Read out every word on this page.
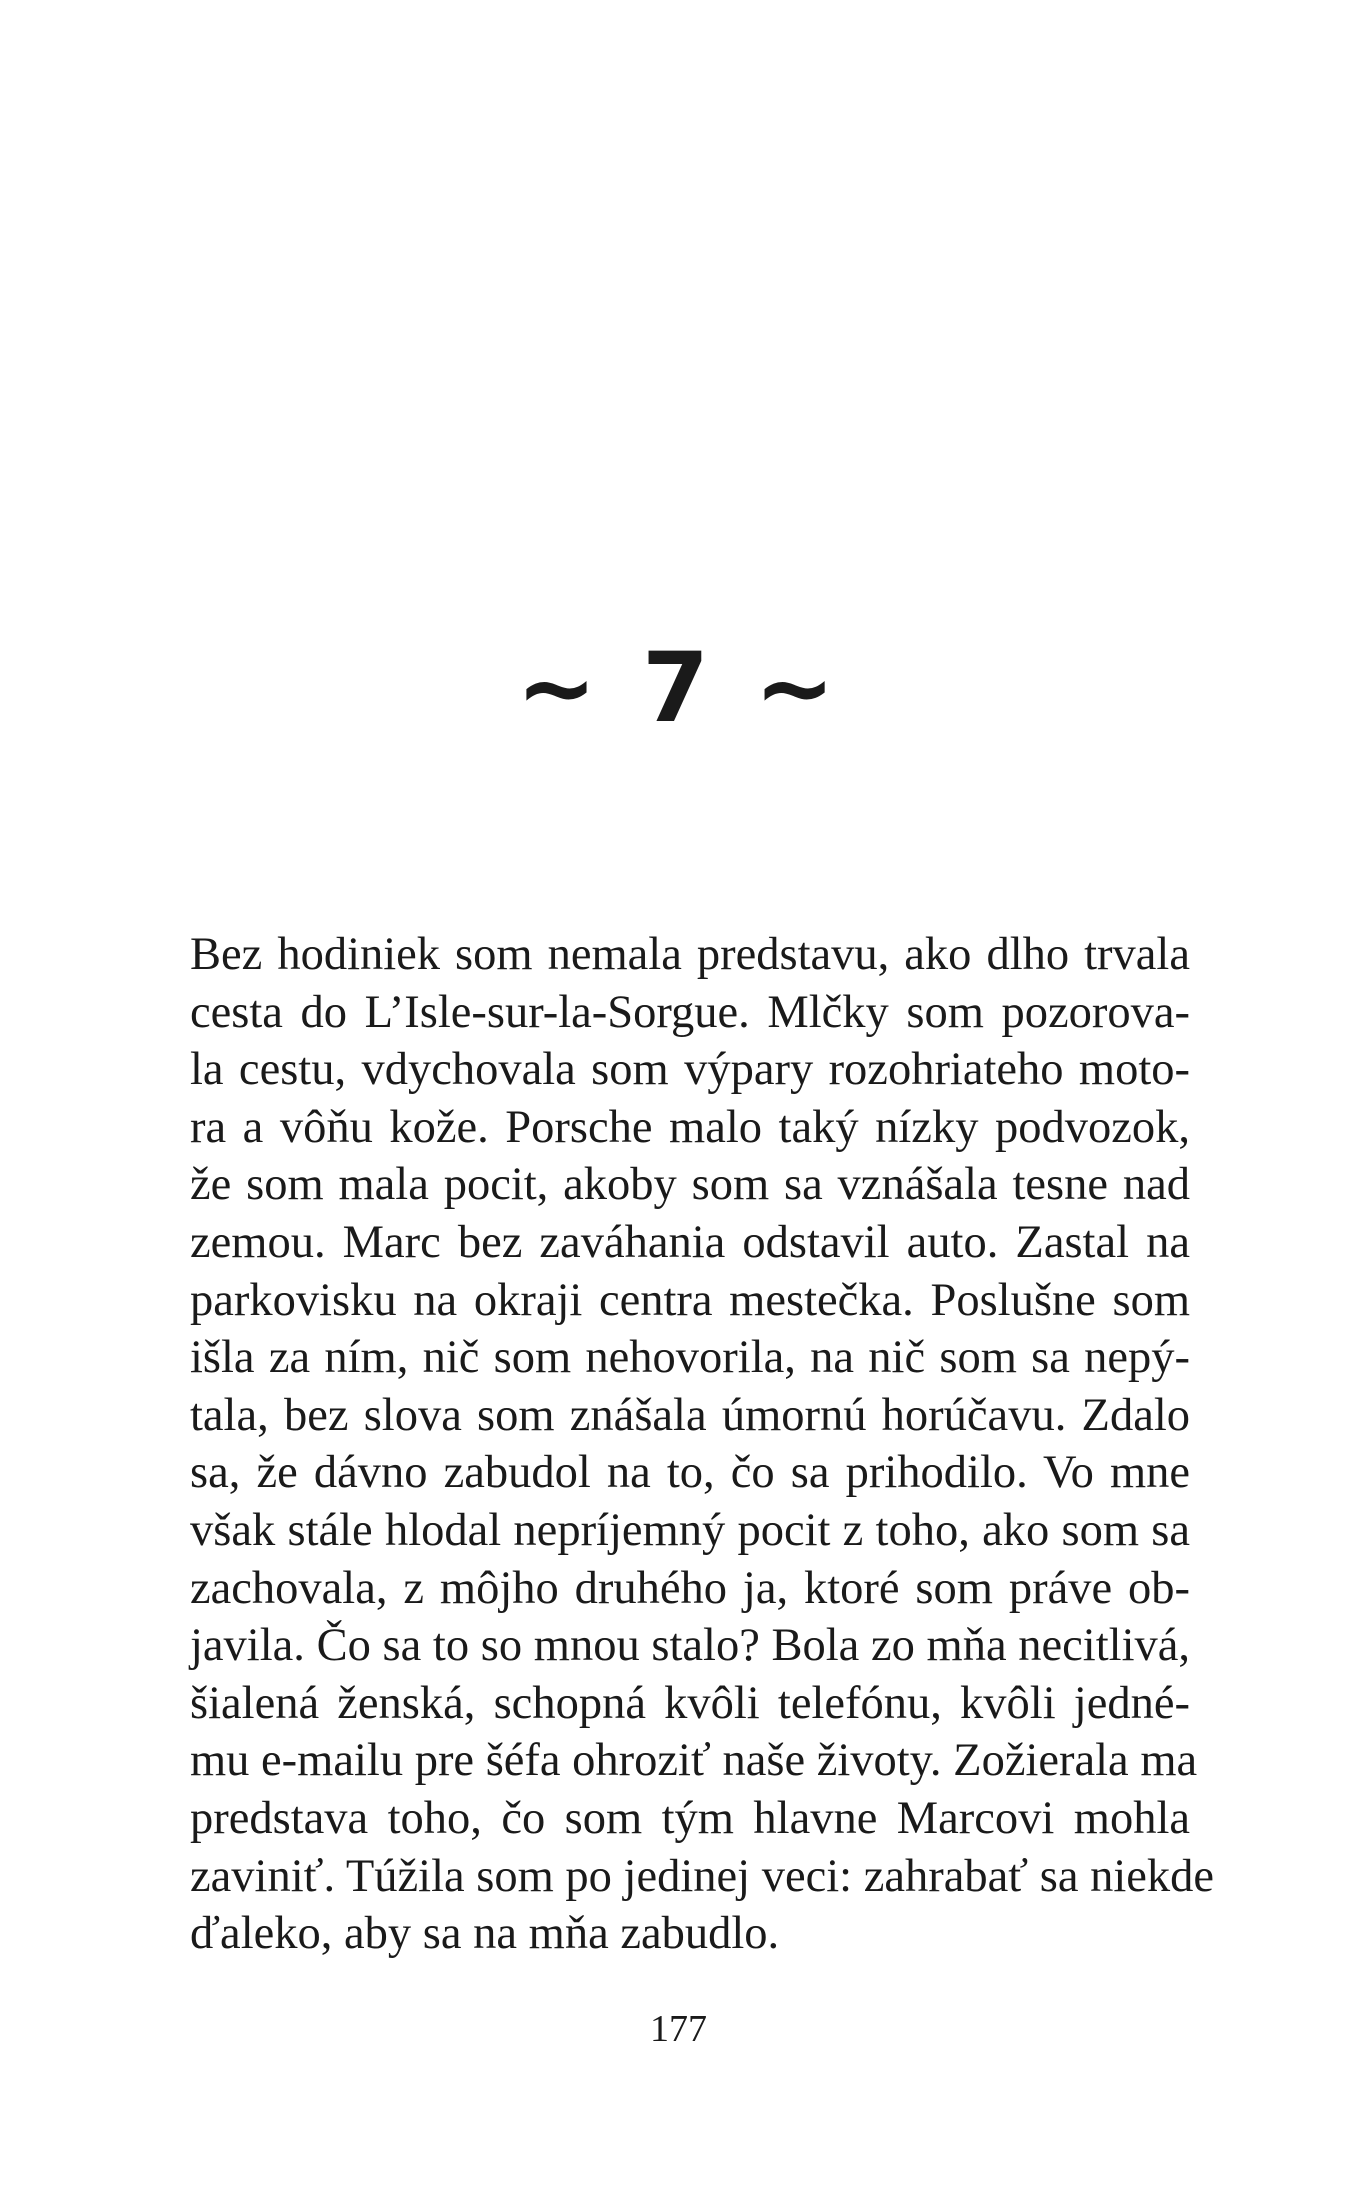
~ 7 ~
Bez hodiniek som nemala predstavu, ako dlho trvala
cesta do L’Isle-sur-la-Sorgue. Mlčky som pozorova-
la cestu, vdychovala som výpary rozohriateho moto-
ra a vôňu kože. Porsche malo taký nízky podvozok,
že som mala pocit, akoby som sa vznášala tesne nad
zemou. Marc bez zaváhania odstavil auto. Zastal na
parkovisku na okraji centra mestečka. Poslušne som
išla za ním, nič som nehovorila, na nič som sa nepý-
tala, bez slova som znášala úmornú horúčavu. Zdalo
sa, že dávno zabudol na to, čo sa prihodilo. Vo mne
však stále hlodal nepríjemný pocit z toho, ako som sa
zachovala, z môjho druhého ja, ktoré som práve ob-
javila. Čo sa to so mnou stalo? Bola zo mňa necitlivá,
šialená ženská, schopná kvôli telefónu, kvôli jedné-
mu e-mailu pre šéfa ohroziť naše životy. Zožierala ma
predstava toho, čo som tým hlavne Marcovi mohla
zaviniť. Túžila som po jedinej veci: zahrabať sa niekde
ďaleko, aby sa na mňa zabudlo.
177
